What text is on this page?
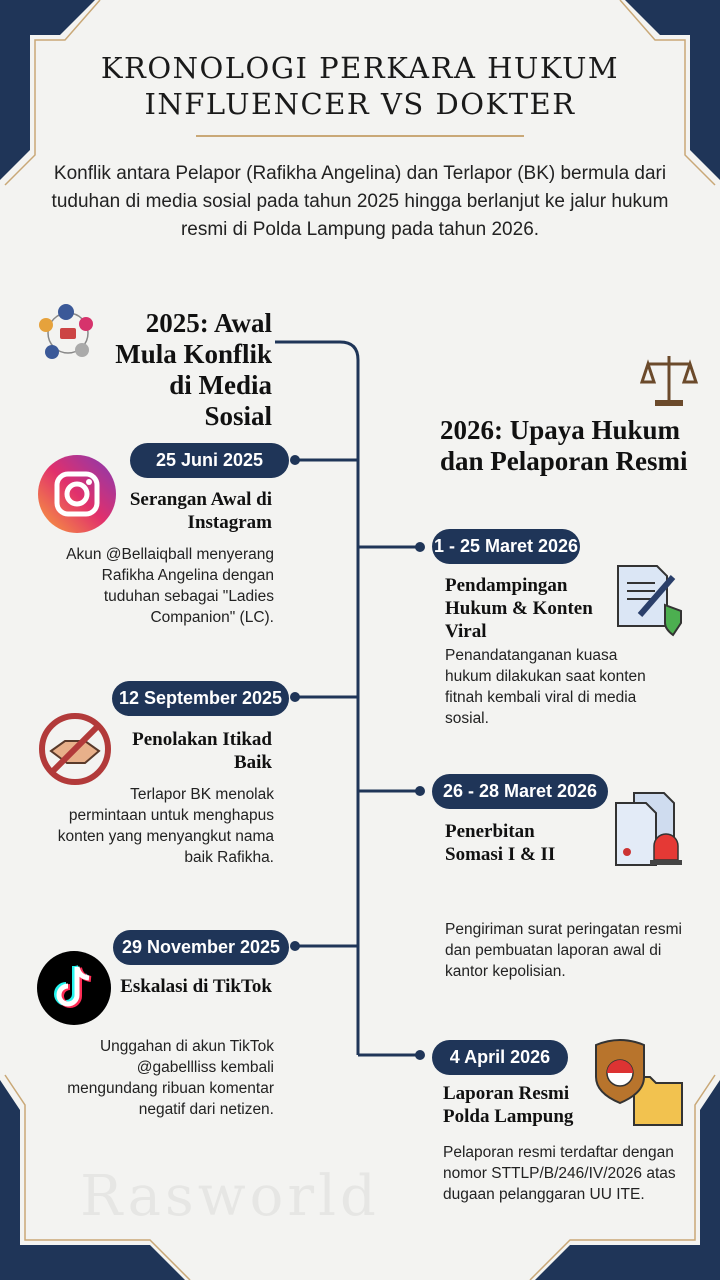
Rasworld
KRONOLOGI PERKARA HUKUM
INFLUENCER VS DOKTER
Konflik antara Pelapor (Rafikha Angelina) dan Terlapor (BK) bermula dari tuduhan di media sosial pada tahun 2025 hingga berlanjut ke jalur hukum resmi di Polda Lampung pada tahun 2026.
2025: Awal Mula Konflik di Media Sosial	2026: Upaya Hukum dan Pelaporan Resmi
25 Juni 2025
Serangan Awal di Instagram
Akun @Bellaiqball menyerang Rafikha Angelina dengan tuduhan sebagai "Ladies Companion" (LC).
12 September 2025
Penolakan Itikad Baik
Terlapor BK menolak permintaan untuk menghapus konten yang menyangkut nama baik Rafikha.
29 November 2025
Eskalasi di TikTok
Unggahan di akun TikTok @gabellliss kembali mengundang ribuan komentar negatif dari netizen.
1 - 25 Maret 2026
Pendampingan Hukum & Konten Viral
Penandatanganan kuasa hukum dilakukan saat konten fitnah kembali viral di media sosial.
26 - 28 Maret 2026
Penerbitan Somasi I & II
Pengiriman surat peringatan resmi dan pembuatan laporan awal di kantor kepolisian.
4 April 2026
Laporan Resmi Polda Lampung
Pelaporan resmi terdaftar dengan nomor STTLP/B/246/IV/2026 atas dugaan pelanggaran UU ITE.
